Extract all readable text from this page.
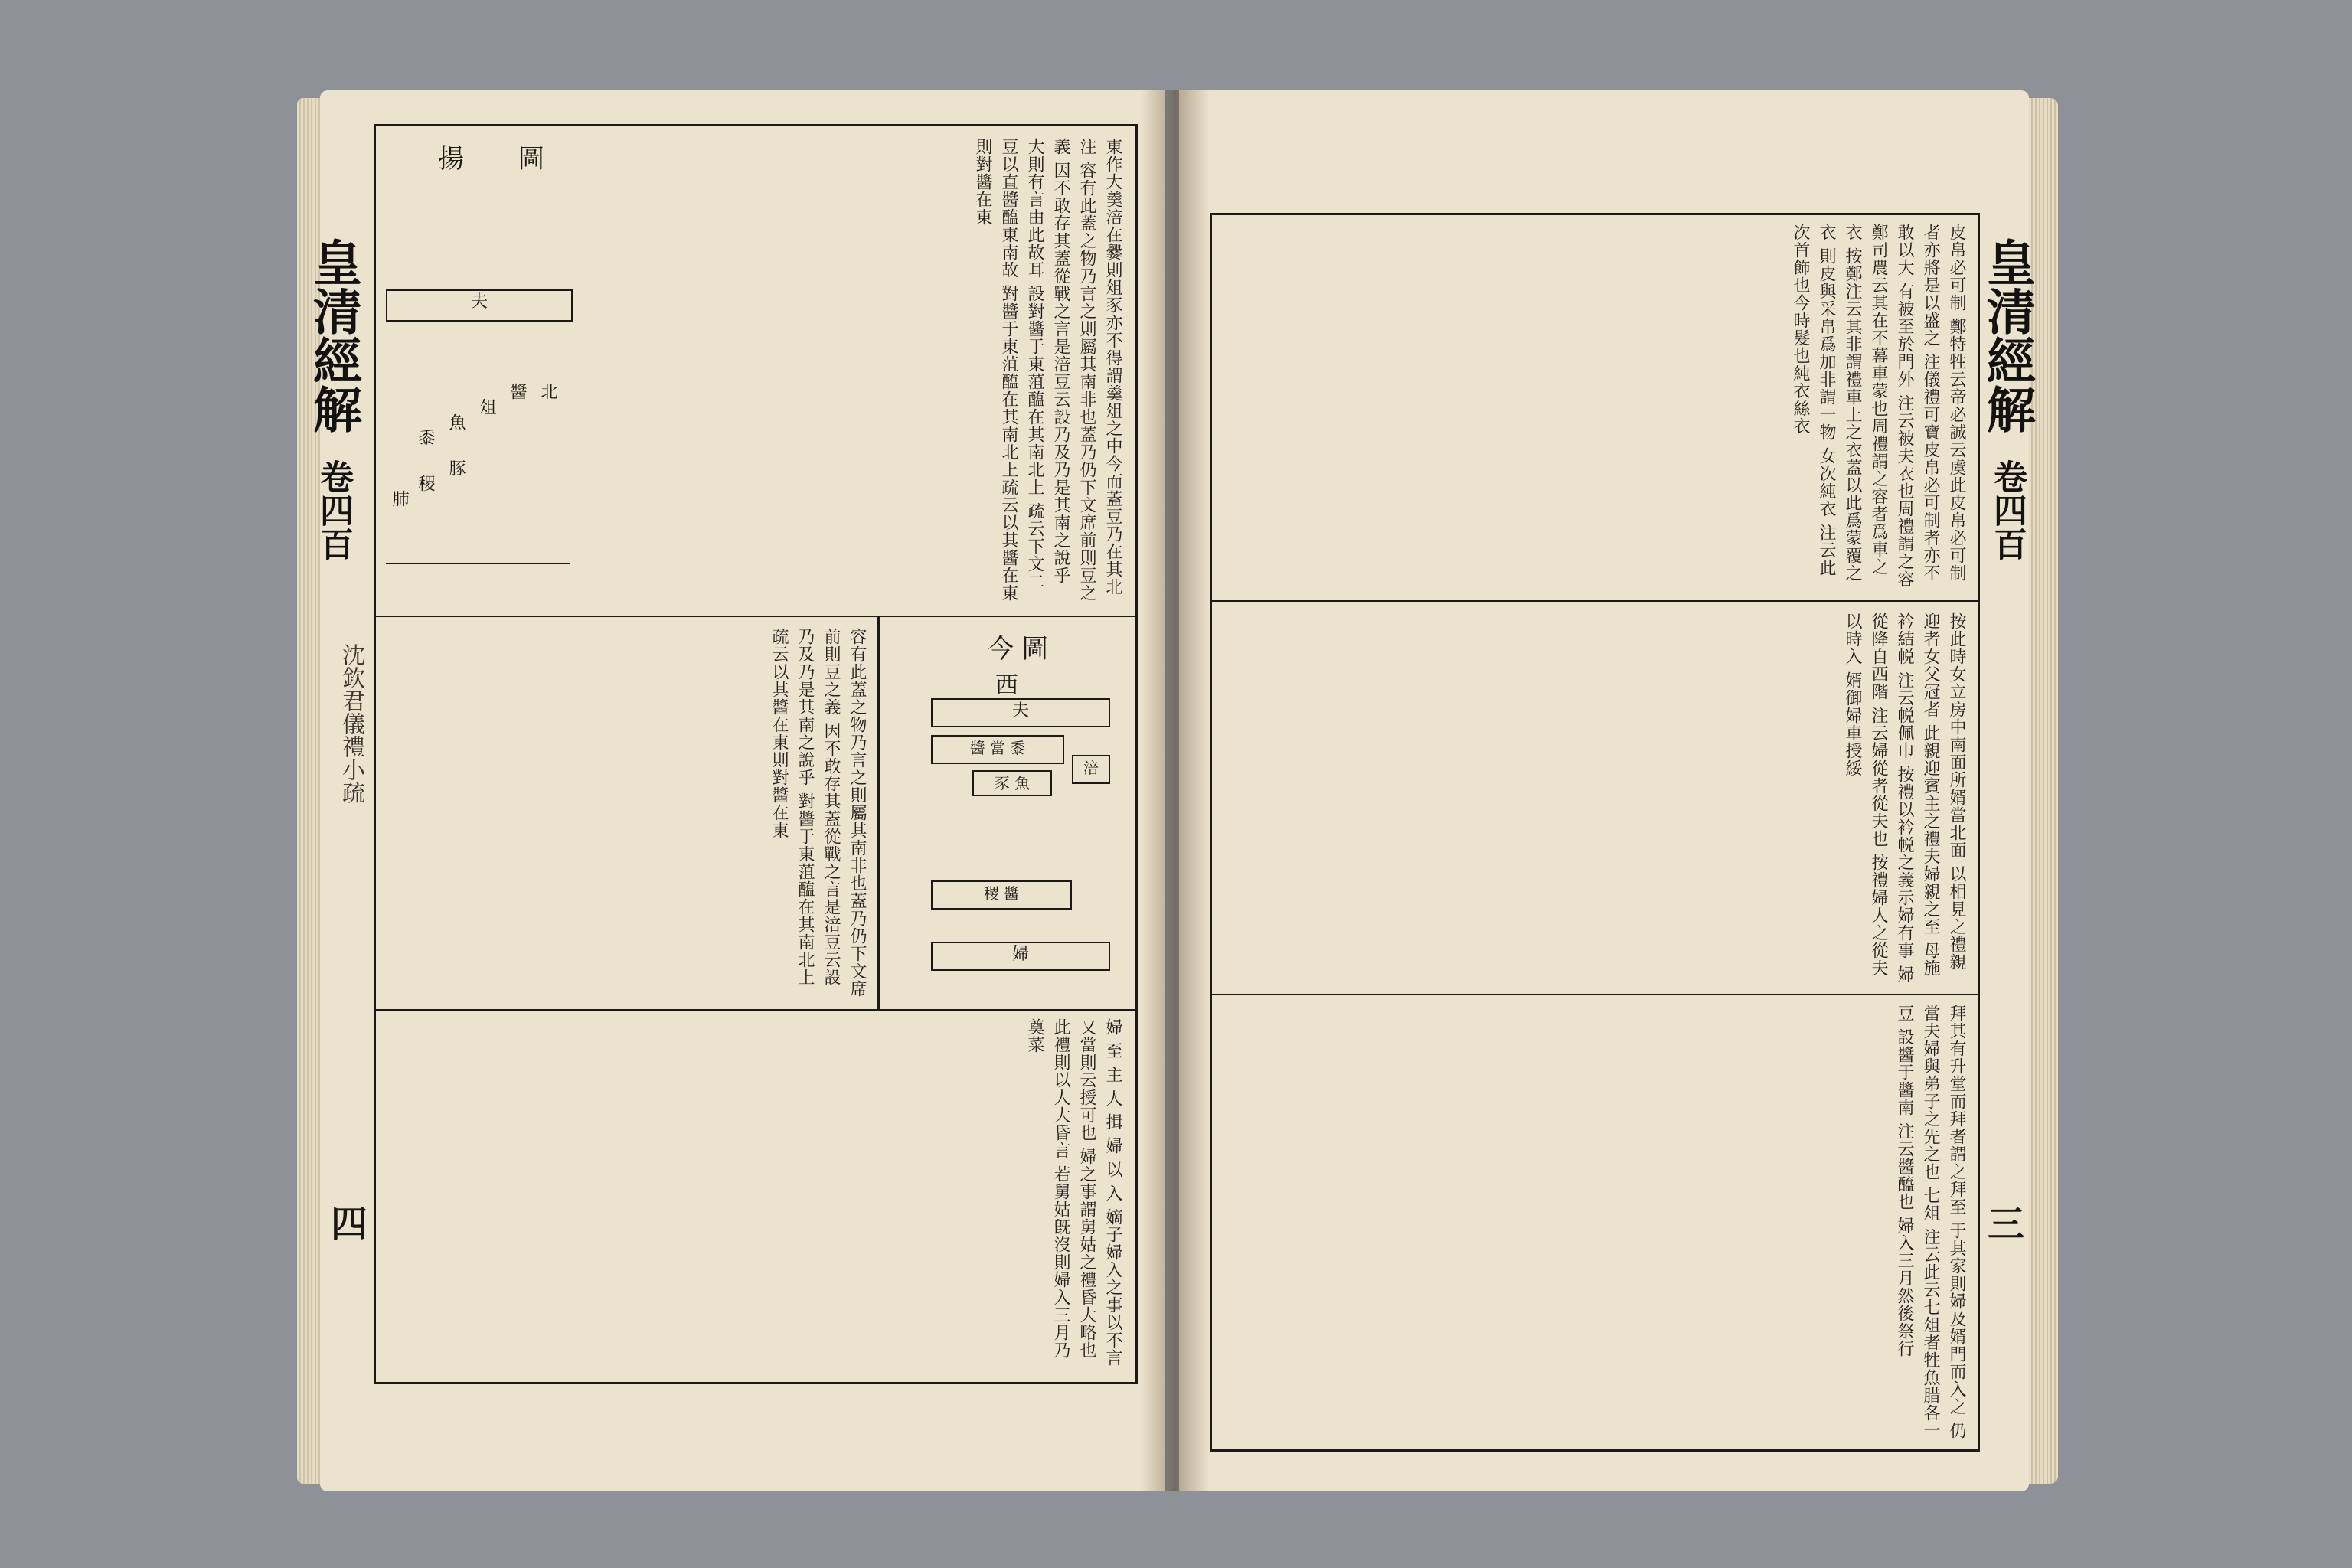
皇清經解
卷四百
沈欽君儀禮小疏
四
揚 圖
夫
北
醬
俎
魚
豚
黍
稷
肺	東作大羹涪在爨則俎豕亦不得謂羹俎之中今而蓋豆乃在其北注 容有此蓋之物乃言之則屬其南非也蓋乃仍下文席前則豆之義 因不敢存其蓋從戰之言是涪豆云設乃及乃是其南之說乎 大則有言由此故耳 設對醬于東菹醢在其南北上 疏云下文二豆以直醬醢東南故 對醬于東菹醢在其南北上疏云以其醬在東則對醬在東
容有此蓋之物乃言之則屬其南非也蓋乃仍下文席前則豆之義 因不敢存其蓋從戰之言是涪豆云設乃及乃是其南之說乎 對醬于東菹醢在其南北上疏云以其醬在東則對醬在東	今 圖
西
夫
醬 當 黍
涪
豕 魚
稷 醬
婦
婦 至 主 人 揖 婦 以 入 嫡子婦入之事以不言又當則云授可也 婦之事謂舅姑之禮昏大略也此禮則以人大昏言 若舅姑旣沒則婦入三月乃奠菜
皇清經解
卷四百
三
皮帛必可制 鄭特牲云帝必誠云虞此皮帛必可制者亦將是以盛之 注儀禮可寶皮帛必可制者亦不敢以大 有被至於門外 注云被夫衣也周禮謂之容 鄭司農云其在不幕車蒙也周禮謂之容者爲車之衣 按鄭注云其非謂禮車上之衣蓋以此爲蒙覆之衣 則皮與采帛爲加非謂一物 女次純衣 注云此次首飾也今時髮也純衣絲衣
按此時女立房中南面所婿當北面 以相見之禮親迎者女父冠者 此親迎賓主之禮夫婦親之至 母施衿結帨 注云帨佩巾 按禮以衿帨之義示婦有事 婦從降自西階 注云婦從者從夫也 按禮婦人之從夫以時入 婿御婦車授綏
拜其有升堂而拜者謂之拜至 于其家則婦及婿門而入之 仍當夫婦與弟子之先之也 七俎 注云此云七俎者牲魚腊各一豆 設醬于醬南 注云醬醯也 婦入三月然後祭行
